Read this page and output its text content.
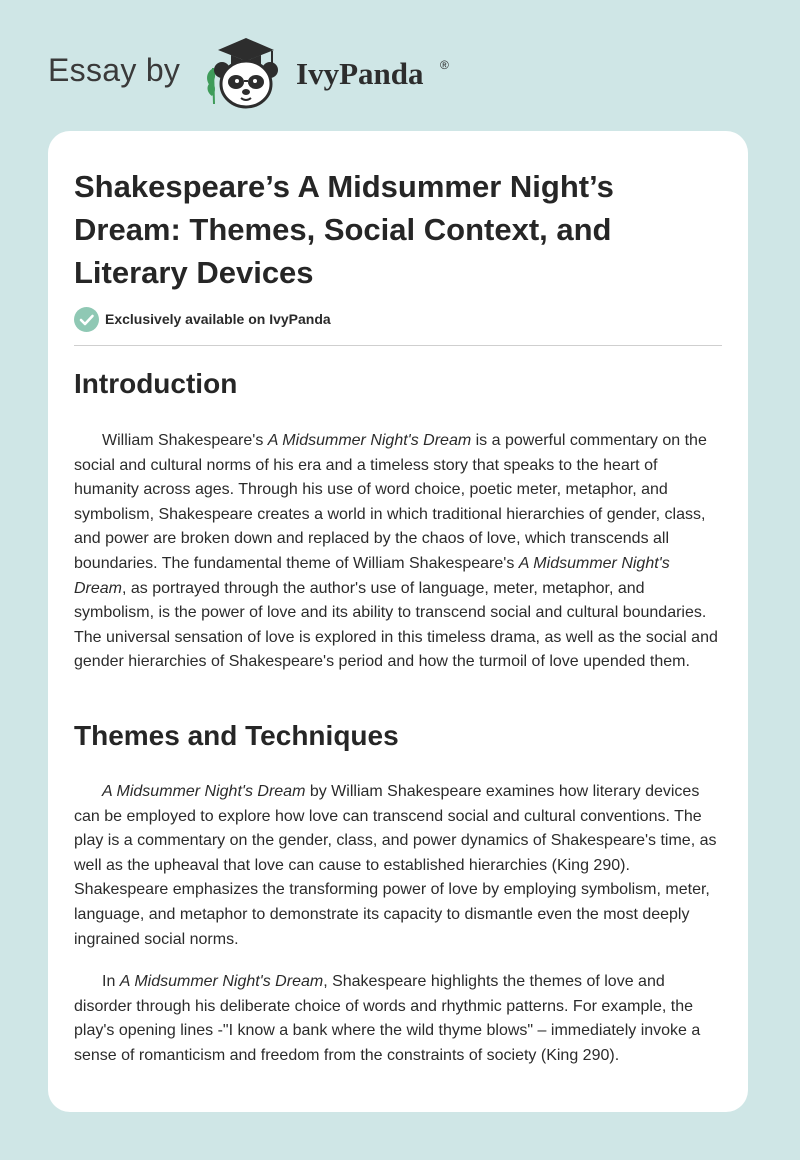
Essay by	IvyPanda ®
Shakespeare’s A Midsummer Night’s Dream: Themes, Social Context, and Literary Devices
Exclusively available on IvyPanda
Introduction

William Shakespeare's A Midsummer Night's Dream is a powerful commentary on the social and cultural norms of his era and a timeless story that speaks to the heart of humanity across ages. Through his use of word choice, poetic meter, metaphor, and symbolism, Shakespeare creates a world in which traditional hierarchies of gender, class, and power are broken down and replaced by the chaos of love, which transcends all boundaries. The fundamental theme of William Shakespeare's A Midsummer Night's Dream, as portrayed through the author's use of language, meter, metaphor, and symbolism, is the power of love and its ability to transcend social and cultural boundaries. The universal sensation of love is explored in this timeless drama, as well as the social and gender hierarchies of Shakespeare's period and how the turmoil of love upended them.

Themes and Techniques

A Midsummer Night's Dream by William Shakespeare examines how literary devices can be employed to explore how love can transcend social and cultural conventions. The play is a commentary on the gender, class, and power dynamics of Shakespeare's time, as well as the upheaval that love can cause to established hierarchies (King 290). Shakespeare emphasizes the transforming power of love by employing symbolism, meter, language, and metaphor to demonstrate its capacity to dismantle even the most deeply ingrained social norms.

In A Midsummer Night's Dream, Shakespeare highlights the themes of love and disorder through his deliberate choice of words and rhythmic patterns. For example, the play's opening lines -"I know a bank where the wild thyme blows" – immediately invoke a sense of romanticism and freedom from the constraints of society (King 290).
